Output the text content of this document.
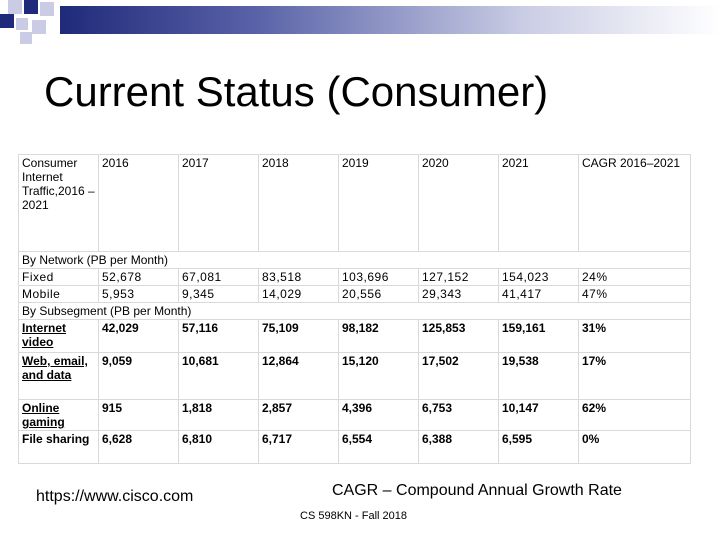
Current Status (Consumer)
Consumer Internet Traffic,2016 –2021	2016	2017	2018	2019	2020	2021	CAGR 2016–2021
By Network (PB per Month)							
Fixed	52,678	67,081	83,518	103,696	127,152	154,023	24%
Mobile	5,953	9,345	14,029	20,556	29,343	41,417	47%
By Subsegment (PB per Month)							
Internet video	42,029	57,116	75,109	98,182	125,853	159,161	31%
Web, email, and data	9,059	10,681	12,864	15,120	17,502	19,538	17%
Online gaming	915	1,818	2,857	4,396	6,753	10,147	62%
File sharing	6,628	6,810	6,717	6,554	6,388	6,595	0%
https://www.cisco.com	CAGR – Compound Annual Growth Rate
CS 598KN - Fall 2018
